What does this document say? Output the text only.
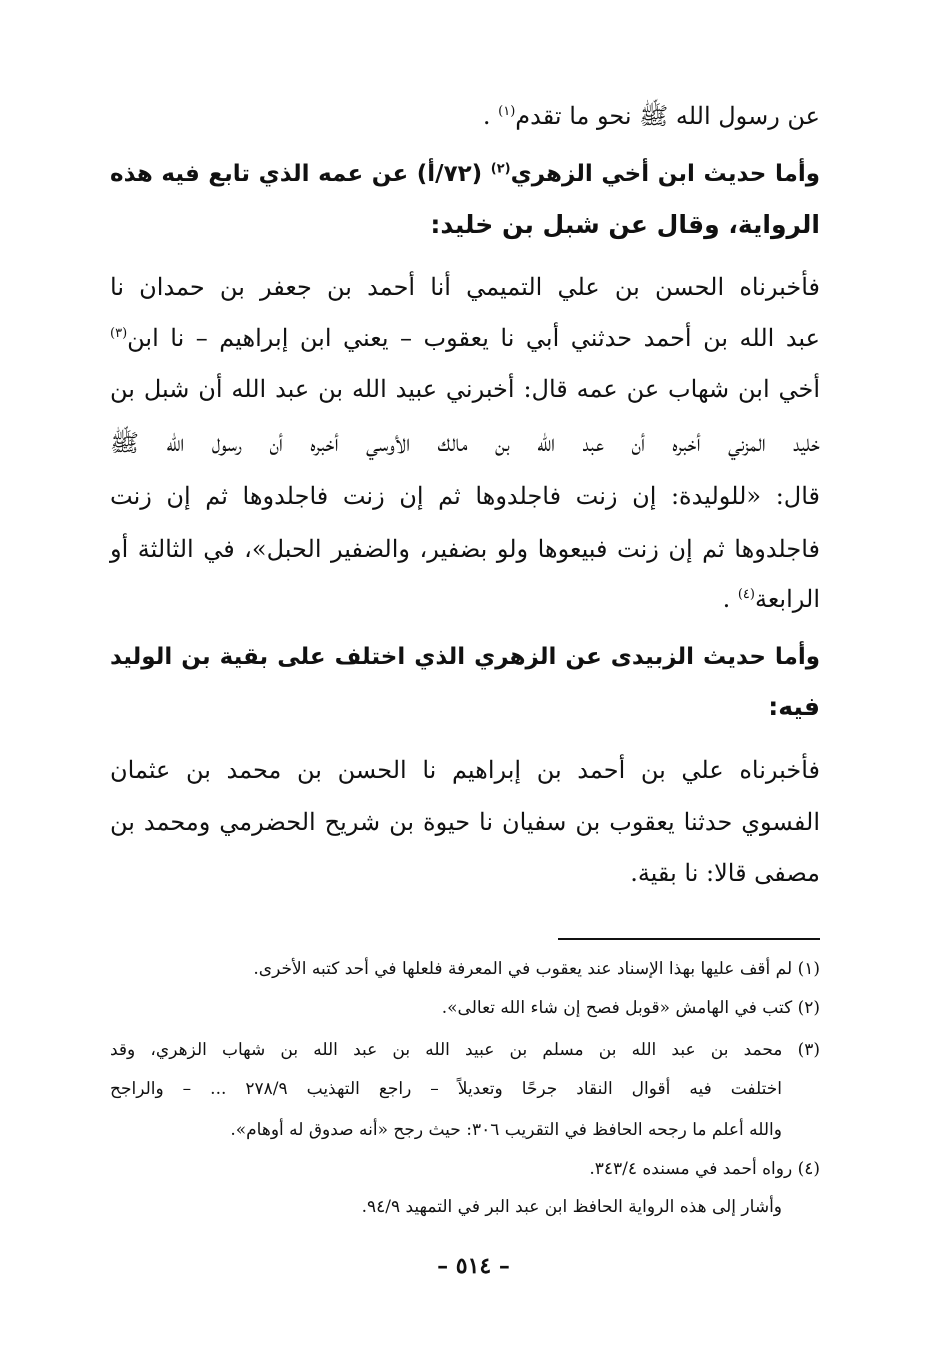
عن رسول الله ﷺ نحو ما تقدم$^{(١)}$ .
وأما حديث ابن أخي الزهري$^{(٢)}$ (٧٢/أ) عن عمه الذي تابع فيه هذه
الرواية، وقال عن شبل بن خليد:
فأخبرناه الحسن بن علي التميمي أنا أحمد بن جعفر بن حمدان نا
عبد الله بن أحمد حدثني أبي نا يعقوب – يعني ابن إبراهيم – نا ابن$^{(٣)}$
أخي ابن شهاب عن عمه قال: أخبرني عبيد الله بن عبد الله أن شبل بن
خليد المزني أخبره أن عبد الله بن مالك الأوسي أخبره أن رسول الله ﷺ
قال: «للوليدة: إن زنت فاجلدوها ثم إن زنت فاجلدوها ثم إن زنت
فاجلدوها ثم إن زنت فبيعوها ولو بضفير، والضفير الحبل»، في الثالثة أو
الرابعة$^{(٤)}$ .
وأما حديث الزبيدى عن الزهري الذي اختلف على بقية بن الوليد
فيه:
فأخبرناه علي بن أحمد بن إبراهيم نا الحسن بن محمد بن عثمان
الفسوي حدثنا يعقوب بن سفيان نا حيوة بن شريح الحضرمي ومحمد بن
مصفى قالا: نا بقية.
(١) لم أقف عليها بهذا الإسناد عند يعقوب في المعرفة فلعلها في أحد كتبه الأخرى.
(٢) كتب في الهامش «قوبل فصح إن شاء الله تعالى».
(٣) محمد بن عبد الله بن مسلم بن عبيد الله بن عبد الله بن شهاب الزهري، وقد
اختلفت فيه أقوال النقاد جرحًا وتعديلاً – راجع التهذيب ٢٧٨/٩ ... – والراجح
والله أعلم ما رجحه الحافظ في التقريب ٣٠٦: حيث رجح «أنه صدوق له أوهام».
(٤) رواه أحمد في مسنده ٣٤٣/٤.
وأشار إلى هذه الرواية الحافظ ابن عبد البر في التمهيد ٩٤/٩.
– ٥١٤ –
